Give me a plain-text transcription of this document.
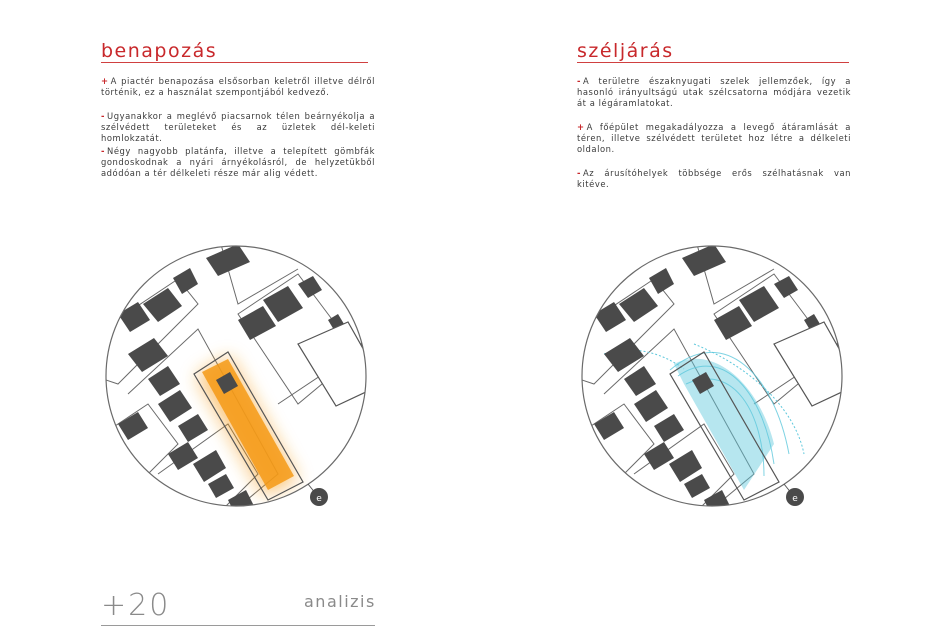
benapozás

+ A piactér benapozása elsősorban keletről illetve délről történik, ez a használat szempontjából kedvező.

- Ugyanakkor a meglévő piacsarnok télen beárnyékolja a szélvédett területeket és az üzletek dél-keleti homlokzatát.

- Négy nagyobb platánfa, illetve a telepített gömbfák gondoskodnak a nyári árnyékolásról, de helyzetükből adódóan a tér délkeleti része már alig védett.

széljárás

- A területre északnyugati szelek jellemzőek, így a hasonló irányultságú utak szélcsatorna módjára vezetik át a légáramlatokat.

+ A főépület megakadályozza a levegő átáramlását a téren, illetve szélvédett területet hoz létre a délkeleti oldalon.

- Az árusítóhelyek többsége erős szélhatásnak van kitéve.

e	e
+20	analizis
